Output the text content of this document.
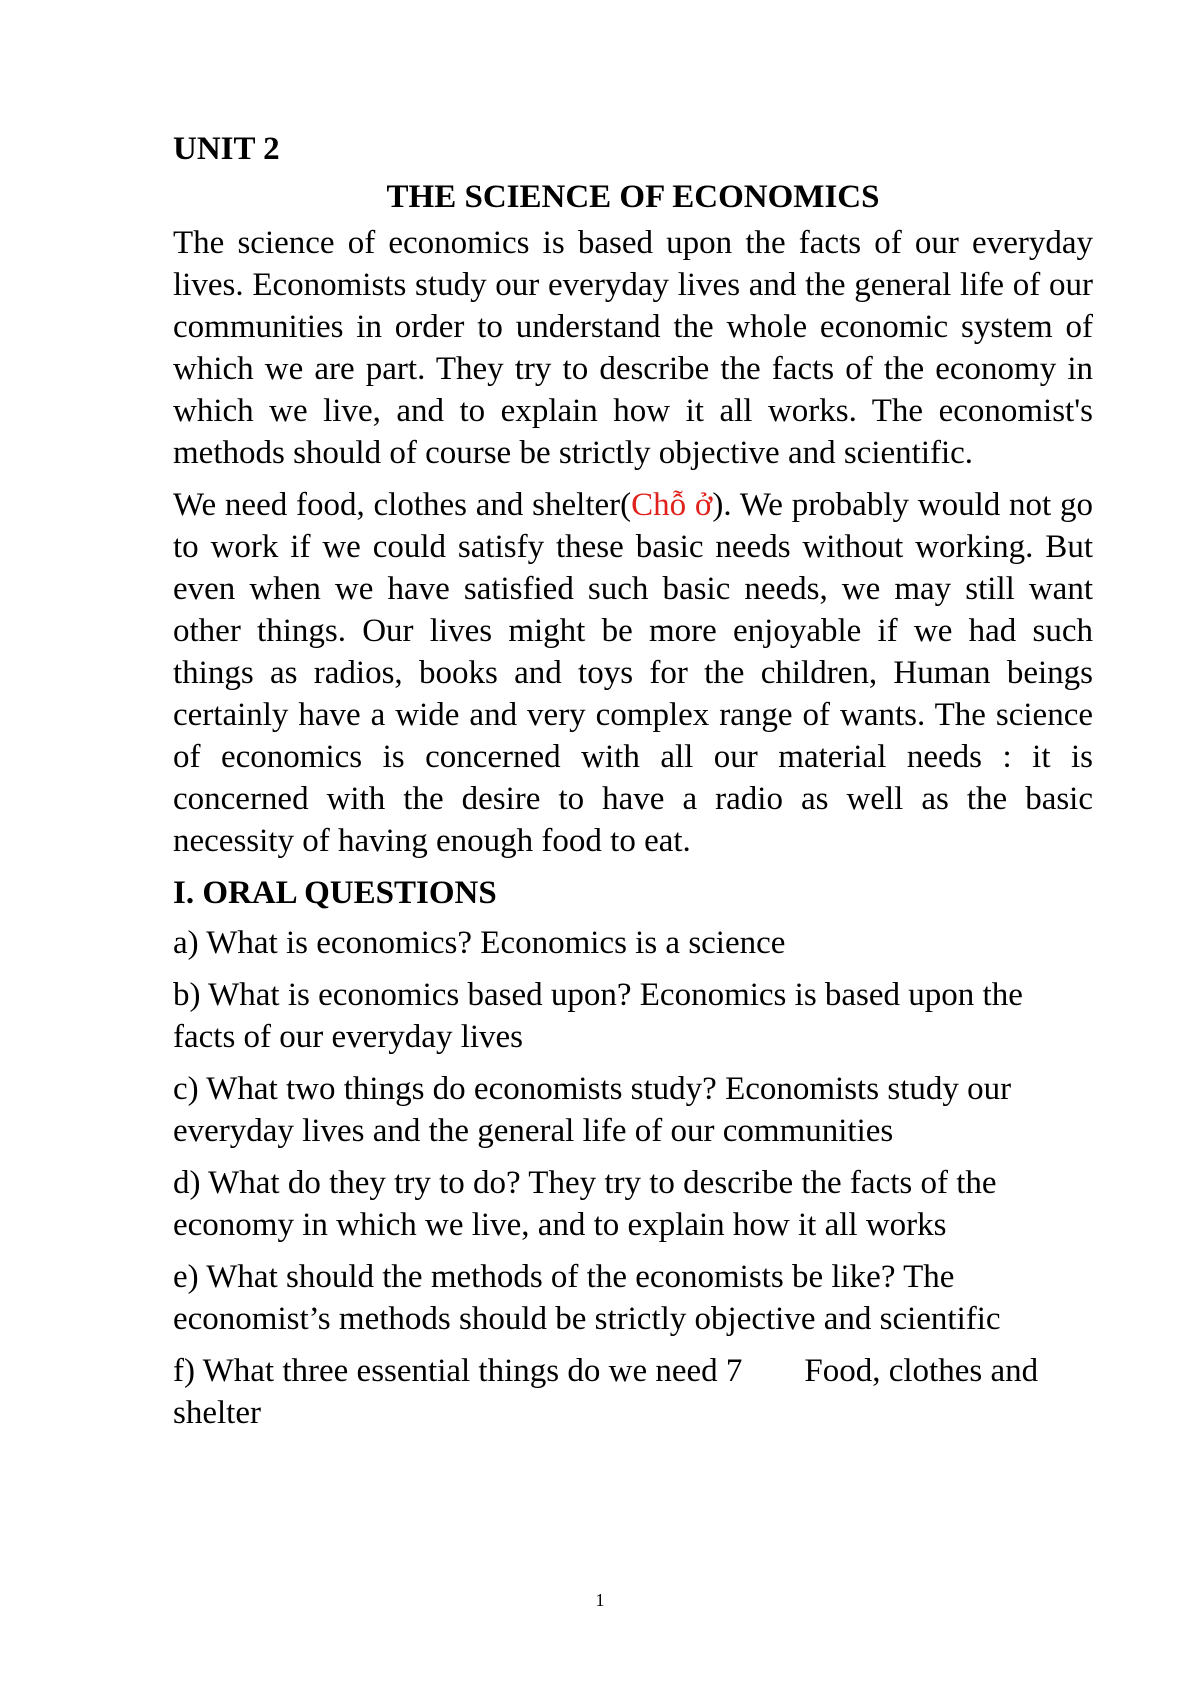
UNIT 2
THE SCIENCE OF ECONOMICS

The science of economics is based upon the facts of our everyday lives. Economists study our everyday lives and the general life of our communities in order to understand the whole economic system of which we are part. They try to describe the facts of the economy in which we live, and to explain how it all works. The economist's methods should of course be strictly objective and scientific.

We need food, clothes and shelter(Chỗ ở). We probably would not go to work if we could satisfy these basic needs without working. But even when we have satisfied such basic needs, we may still want other things. Our lives might be more enjoyable if we had such things as radios, books and toys for the children, Human beings certainly have a wide and very complex range of wants. The science of economics is concerned with all our material needs : it is concerned with the desire to have a radio as well as the basic necessity of having enough food to eat.

I. ORAL QUESTIONS

a) What is economics? Economics is a science

b) What is economics based upon? Economics is based upon the facts of our everyday lives

c) What two things do economists study? Economists study our everyday lives and the general life of our communities

d) What do they try to do? They try to describe the facts of the economy in which we live, and to explain how it all works

e) What should the methods of the economists be like? The economist’s methods should be strictly objective and scientific

f) What three essential things do we need 7 Food, clothes and shelter

1
